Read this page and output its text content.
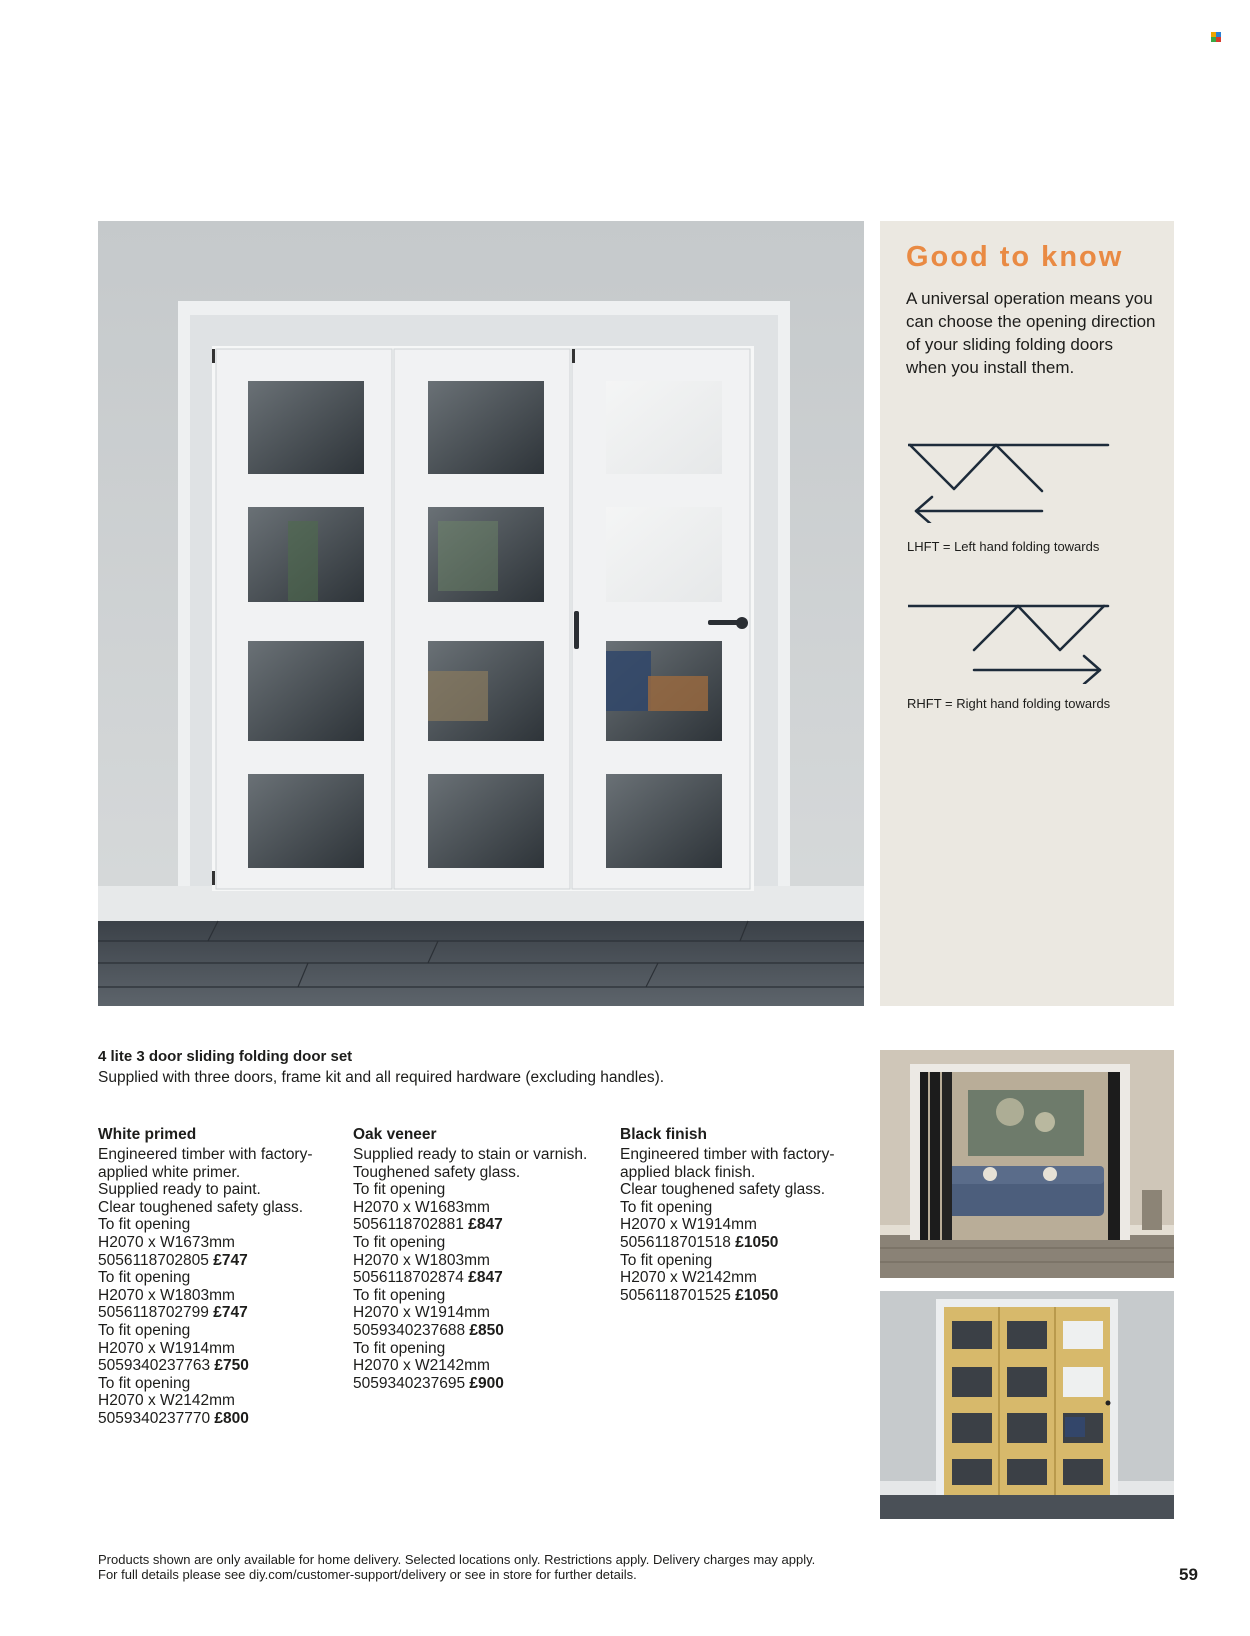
Good to know
A universal operation means you can choose the opening direction of your sliding folding doors when you install them.
LHFT = Left hand folding towards
RHFT = Right hand folding towards
4 lite 3 door sliding folding door set
Supplied with three doors, frame kit and all required hardware (excluding handles).
White primed

Engineered timber with factory-applied white primer.

Supplied ready to paint.

Clear toughened safety glass.

To fit opening
H2070 x W1673mm
5056118702805 £747
To fit opening
H2070 x W1803mm
5056118702799 £747
To fit opening
H2070 x W1914mm
5059340237763 £750
To fit opening
H2070 x W2142mm
5059340237770 £800
Oak veneer

Supplied ready to stain or varnish.

Toughened safety glass.

To fit opening
H2070 x W1683mm
5056118702881 £847
To fit opening
H2070 x W1803mm
5056118702874 £847
To fit opening
H2070 x W1914mm
5059340237688 £850
To fit opening
H2070 x W2142mm
5059340237695 £900
Black finish

Engineered timber with factory-applied black finish.

Clear toughened safety glass.

To fit opening
H2070 x W1914mm
5056118701518 £1050
To fit opening
H2070 x W2142mm
5056118701525 £1050
Products shown are only available for home delivery. Selected locations only. Restrictions apply. Delivery charges may apply.
For full details please see diy.com/customer-support/delivery or see in store for further details.	59
